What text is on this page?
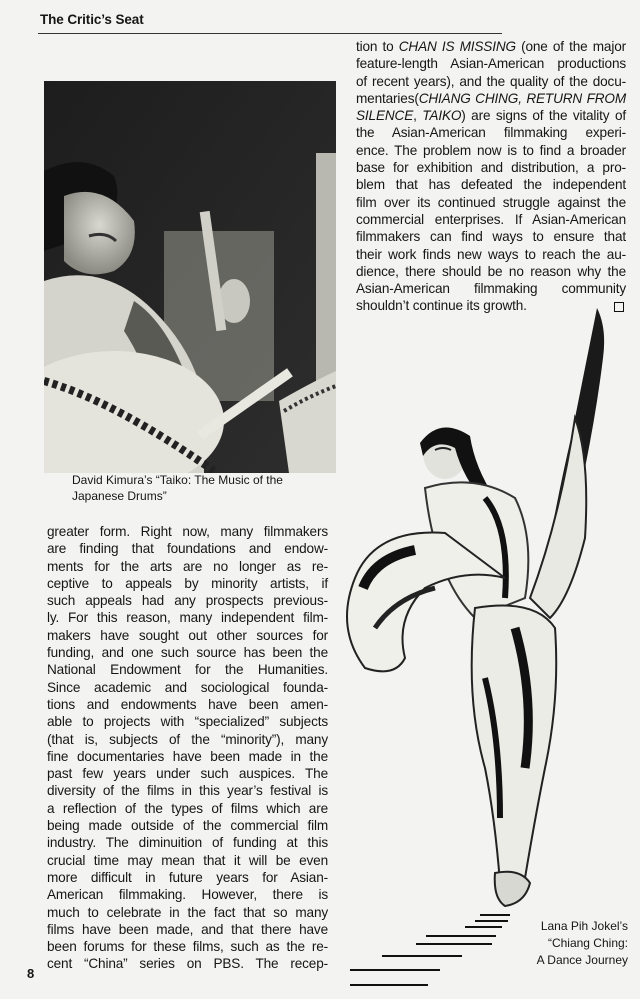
The Critic’s Seat
tion to CHAN IS MISSING (one of the major
feature-length Asian-American productions
of recent years), and the quality of the docu-
mentaries(CHIANG CHING, RETURN FROM
SILENCE, TAIKO) are signs of the vitality of
the Asian-American filmmaking experi-
ence. The problem now is to find a broader
base for exhibition and distribution, a pro-
blem that has defeated the independent
film over its continued struggle against the
commercial enterprises. If Asian-American
filmmakers can find ways to ensure that
their work finds new ways to reach the au-
dience, there should be no reason why the
Asian-American filmmaking community
shouldn’t continue its growth.
David Kimura’s “Taiko: The Music of the
Japanese Drums”
greater form. Right now, many filmmakers
are finding that foundations and endow-
ments for the arts are no longer as re-
ceptive to appeals by minority artists, if
such appeals had any prospects previous-
ly. For this reason, many independent film-
makers have sought out other sources for
funding, and one such source has been the
National Endowment for the Humanities.
Since academic and sociological founda-
tions and endowments have been amen-
able to projects with “specialized” subjects
(that is, subjects of the “minority”), many
fine documentaries have been made in the
past few years under such auspices. The
diversity of the films in this year’s festival is
a reflection of the types of films which are
being made outside of the commercial film
industry. The diminuition of funding at this
crucial time may mean that it will be even
more difficult in future years for Asian-
American filmmaking. However, there is
much to celebrate in the fact that so many
films have been made, and that there have
been forums for these films, such as the re-
cent “China” series on PBS. The recep-
Lana Pih Jokel’s
“Chiang Ching:
A Dance Journey
8
